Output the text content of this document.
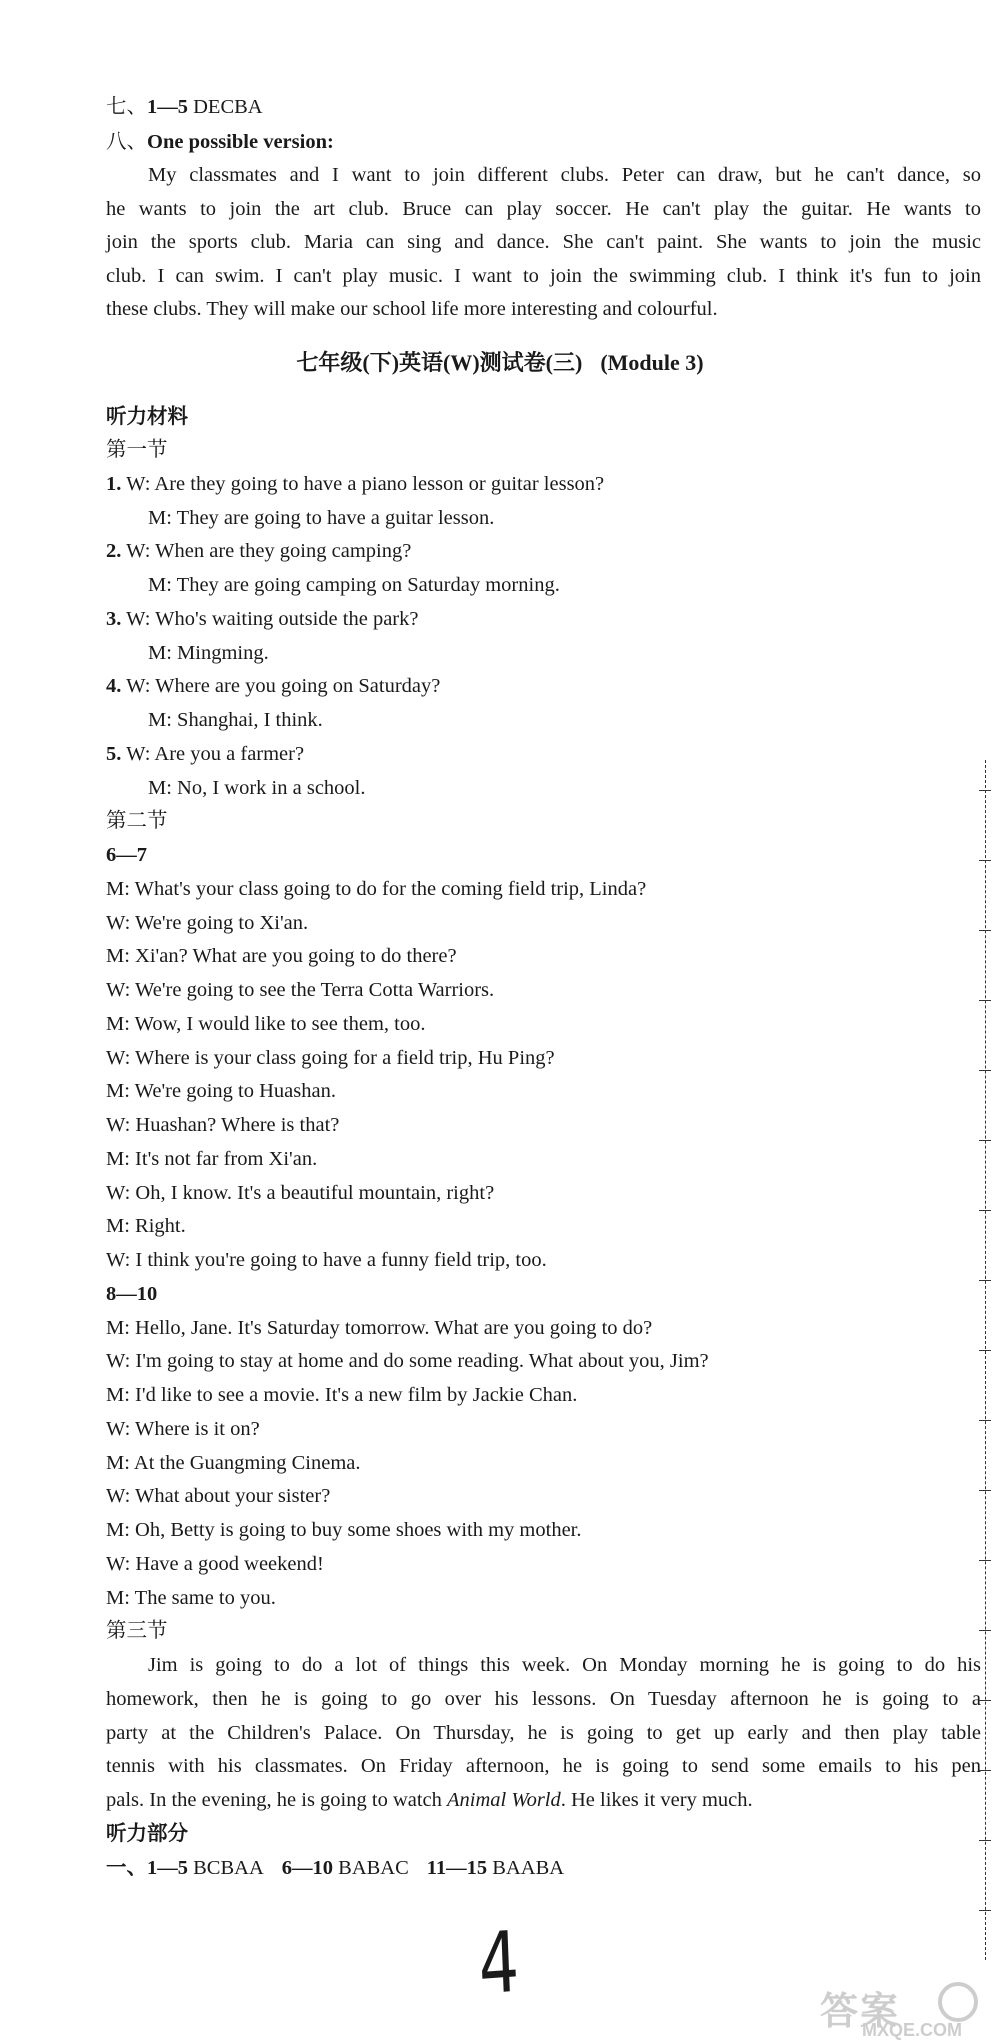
七、1—5 DECBA

八、One possible version:

My classmates and I want to join different clubs. Peter can draw, but he can't dance, so

he wants to join the art club. Bruce can play soccer. He can't play the guitar. He wants to

join the sports club. Maria can sing and dance. She can't paint. She wants to join the music

club. I can swim. I can't play music. I want to join the swimming club. I think it's fun to join

these clubs. They will make our school life more interesting and colourful.

七年级(下)英语(W)测试卷(三) (Module 3)

听力材料

第一节

1. W: Are they going to have a piano lesson or guitar lesson?

M: They are going to have a guitar lesson.

2. W: When are they going camping?

M: They are going camping on Saturday morning.

3. W: Who's waiting outside the park?

M: Mingming.

4. W: Where are you going on Saturday?

M: Shanghai, I think.

5. W: Are you a farmer?

M: No, I work in a school.

第二节

6—7

M: What's your class going to do for the coming field trip, Linda?

W: We're going to Xi'an.

M: Xi'an? What are you going to do there?

W: We're going to see the Terra Cotta Warriors.

M: Wow, I would like to see them, too.

W: Where is your class going for a field trip, Hu Ping?

M: We're going to Huashan.

W: Huashan? Where is that?

M: It's not far from Xi'an.

W: Oh, I know. It's a beautiful mountain, right?

M: Right.

W: I think you're going to have a funny field trip, too.

8—10

M: Hello, Jane. It's Saturday tomorrow. What are you going to do?

W: I'm going to stay at home and do some reading. What about you, Jim?

M: I'd like to see a movie. It's a new film by Jackie Chan.

W: Where is it on?

M: At the Guangming Cinema.

W: What about your sister?

M: Oh, Betty is going to buy some shoes with my mother.

W: Have a good weekend!

M: The same to you.

第三节

Jim is going to do a lot of things this week. On Monday morning he is going to do his

homework, then he is going to go over his lessons. On Tuesday afternoon he is going to a

party at the Children's Palace. On Thursday, he is going to get up early and then play table

tennis with his classmates. On Friday afternoon, he is going to send some emails to his pen

pals. In the evening, he is going to watch Animal World. He likes it very much.

听力部分

一、1—5 BCBAA 6—10 BABAC 11—15 BAABA

4	答案
MXQE.COM
